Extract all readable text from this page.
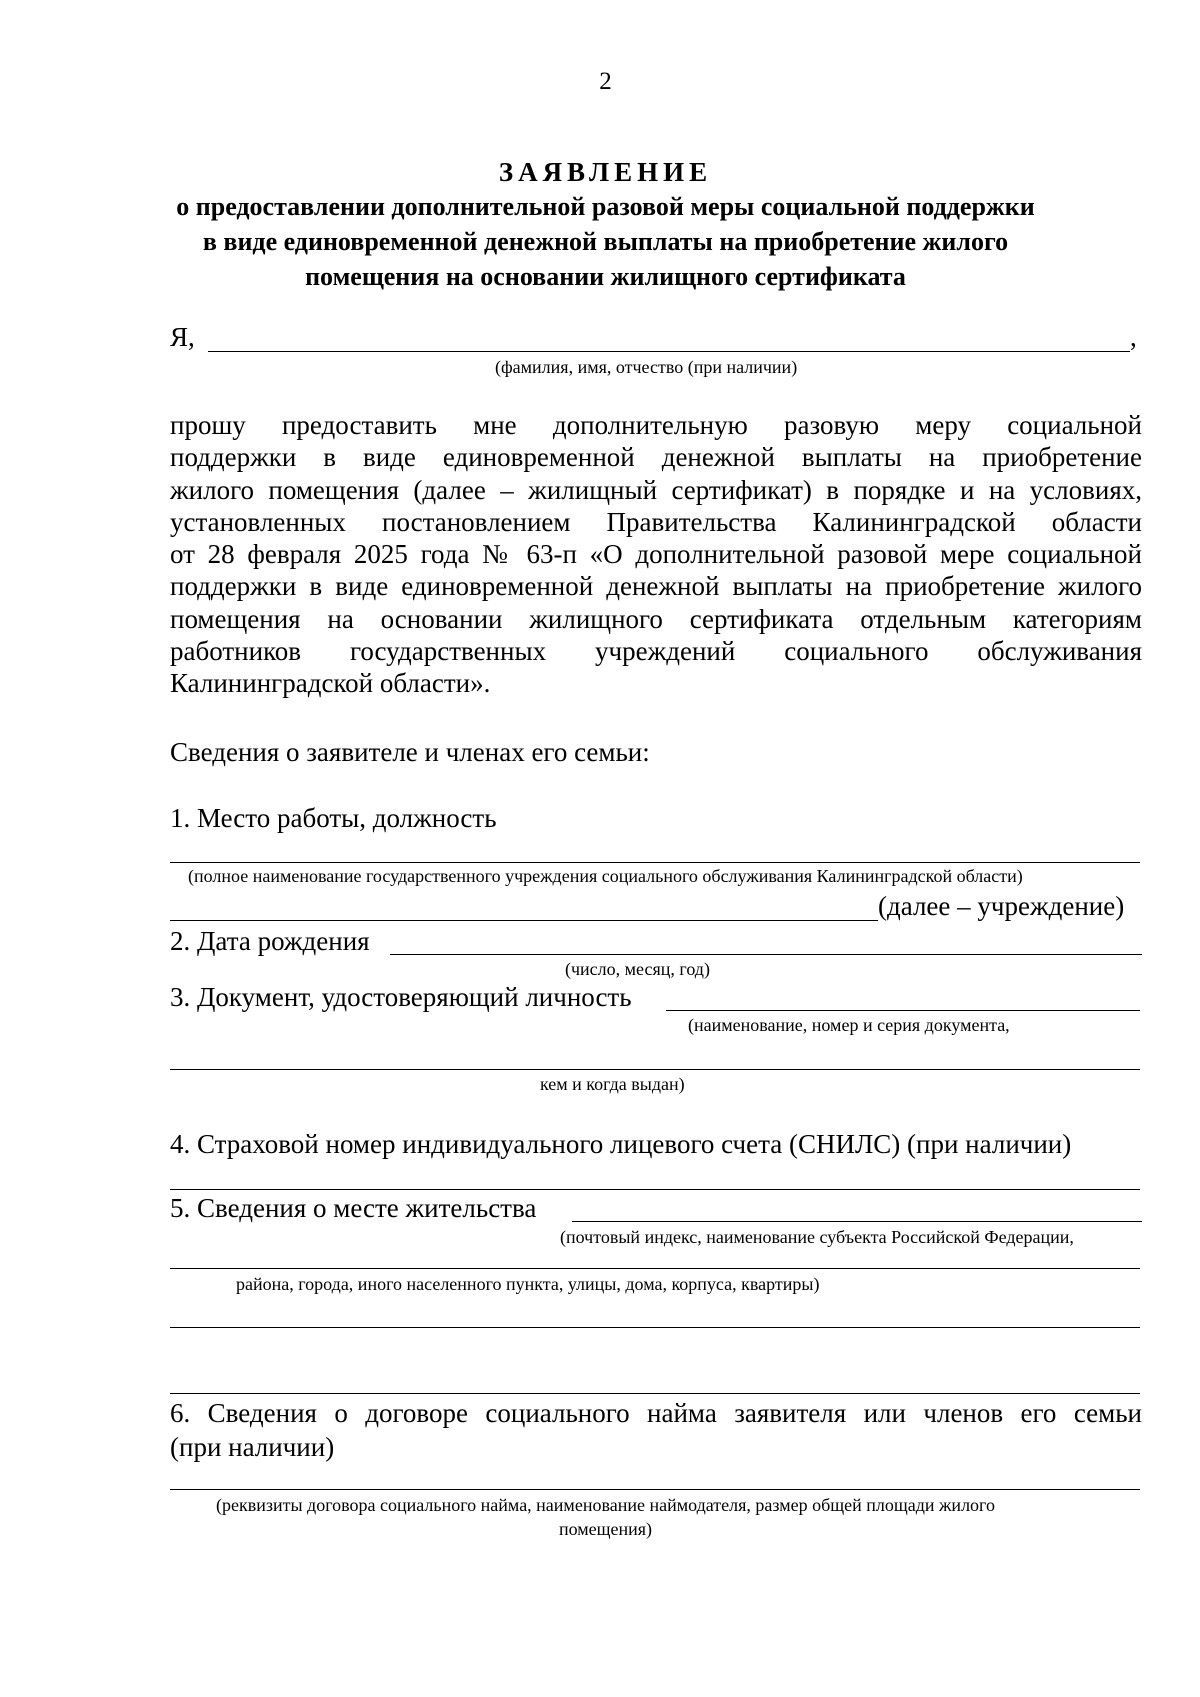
2
ЗАЯВЛЕНИЕ
о предоставлении дополнительной разовой меры социальной поддержки
в виде единовременной денежной выплаты на приобретение жилого
помещения на основании жилищного сертификата
Я,	,
(фамилия, имя, отчество (при наличии)
прошу предоставить мне дополнительную разовую меру социальной
поддержки в виде единовременной денежной выплаты на приобретение
жилого помещения (далее – жилищный сертификат) в порядке и на условиях,
установленных постановлением Правительства Калининградской области
от 28 февраля 2025 года № 63-п «О дополнительной разовой мере социальной
поддержки в виде единовременной денежной выплаты на приобретение жилого
помещения на основании жилищного сертификата отдельным категориям
работников государственных учреждений социального обслуживания
Калининградской области».
Сведения о заявителе и членах его семьи:
1. Место работы, должность
(полное наименование государственного учреждения социального обслуживания Калининградской области)
(далее – учреждение)
2. Дата рождения
(число, месяц, год)
3. Документ, удостоверяющий личность
(наименование, номер и серия документа,
кем и когда выдан)
4. Страховой номер индивидуального лицевого счета (СНИЛС) (при наличии)
5. Сведения о месте жительства
(почтовый индекс, наименование субъекта Российской Федерации,
района, города, иного населенного пункта, улицы, дома, корпуса, квартиры)
6. Сведения о договоре социального найма заявителя или членов его семьи
(при наличии)
(реквизиты договора социального найма, наименование наймодателя, размер общей площади жилого
помещения)
